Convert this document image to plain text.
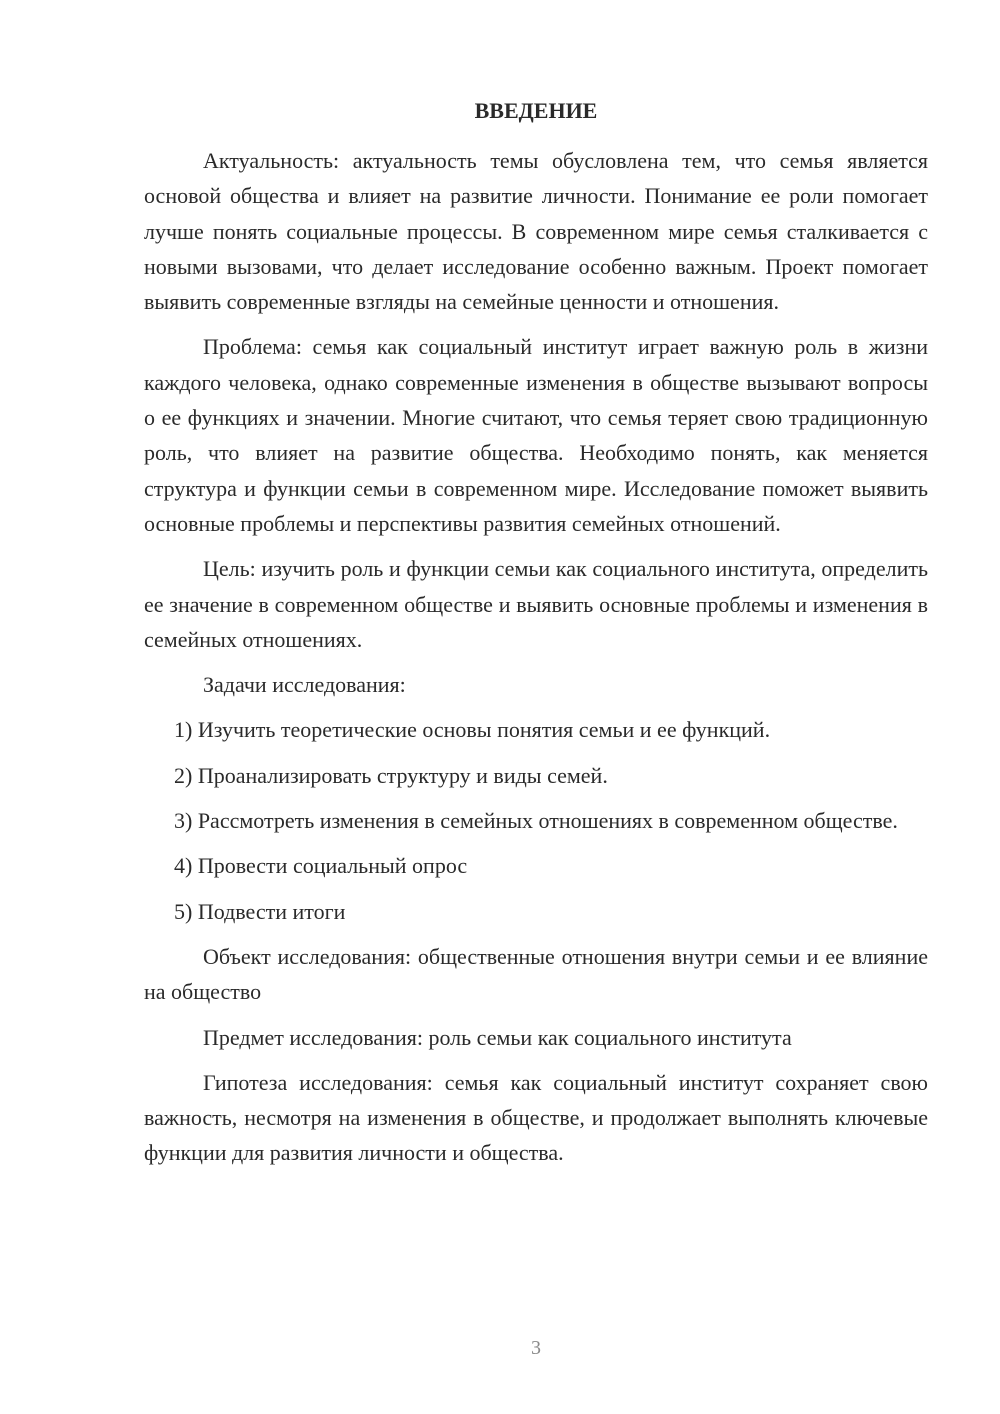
ВВЕДЕНИЕ

Актуальность: актуальность темы обусловлена тем, что семья является основой общества и влияет на развитие личности. Понимание ее роли помогает лучше понять социальные процессы. В современном мире семья сталкивается с новыми вызовами, что делает исследование особенно важным. Проект помогает выявить современные взгляды на семейные ценности и отношения.

Проблема: семья как социальный институт играет важную роль в жизни каждого человека, однако современные изменения в обществе вызывают вопросы о ее функциях и значении. Многие считают, что семья теряет свою традиционную роль, что влияет на развитие общества. Необходимо понять, как меняется структура и функции семьи в современном мире. Исследование поможет выявить основные проблемы и перспективы развития семейных отношений.

Цель: изучить роль и функции семьи как социального института, определить ее значение в современном обществе и выявить основные проблемы и изменения в семейных отношениях.

Задачи исследования:

1) Изучить теоретические основы понятия семьи и ее функций.

2) Проанализировать структуру и виды семей.

3) Рассмотреть изменения в семейных отношениях в современном обществе.

4) Провести социальный опрос

5) Подвести итоги

Объект исследования: общественные отношения внутри семьи и ее влияние на общество

Предмет исследования: роль семьи как социального института

Гипотеза исследования: семья как социальный институт сохраняет свою важность, несмотря на изменения в обществе, и продолжает выполнять ключевые функции для развития личности и общества.

3
